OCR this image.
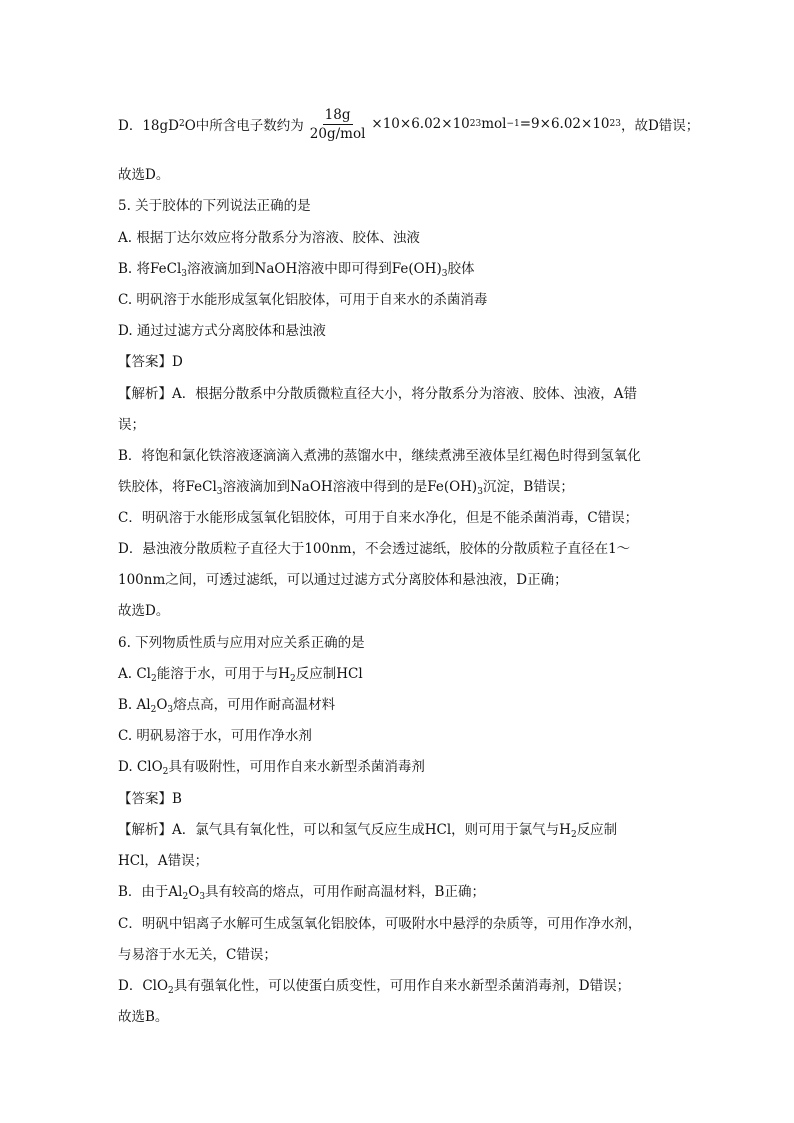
D．18gD 2 O中所含电子数约为 $\frac{18g}{\text{20g/mol}} \times 10\times 6.02\times 10$ 23 mol −1 =9×6.02×10 23 ，故D错误；
故选D。
5. 关于胶体的下列说法正确的是
A. 根据丁达尔效应将分散系分为溶液、胶体、浊液
B. 将FeCl$_3$溶液滴加到NaOH溶液中即可得到$Fe(OH)_3$胶体
C. 明矾溶于水能形成氢氧化铝胶体，可用于自来水的杀菌消毒
D. 通过过滤方式分离胶体和悬浊液
【答案】D
【解析】A．根据分散系中分散质微粒直径大小，将分散系分为溶液、胶体、浊液，A错
误；
B．将饱和氯化铁溶液逐滴滴入煮沸的蒸馏水中，继续煮沸至液体呈红褐色时得到氢氧化
铁胶体，将FeCl$_3$溶液滴加到NaOH溶液中得到的是$Fe(OH)_3$沉淀，B错误；
C．明矾溶于水能形成氢氧化铝胶体，可用于自来水净化，但是不能杀菌消毒，C错误；
D．悬浊液分散质粒子直径大于100nm，不会透过滤纸，胶体的分散质粒子直径在1～
100nm之间，可透过滤纸，可以通过过滤方式分离胶体和悬浊液，D正确；
故选D。
6. 下列物质性质与应用对应关系正确的是
A. $Cl_2$能溶于水，可用于与$H_2$反应制HCl
B. $Al_2O_3$熔点高，可用作耐高温材料
C. 明矾易溶于水，可用作净水剂
D. ClO$_2$具有吸附性，可用作自来水新型杀菌消毒剂
【答案】B
【解析】A．氯气具有氧化性，可以和氢气反应生成HCl，则可用于氯气与$H_2$反应制
HCl，A错误；
B．由于$Al_2O_3$具有较高的熔点，可用作耐高温材料，B正确；
C．明矾中铝离子水解可生成氢氧化铝胶体，可吸附水中悬浮的杂质等，可用作净水剂，
与易溶于水无关，C错误；
D．ClO$_2$具有强氧化性，可以使蛋白质变性，可用作自来水新型杀菌消毒剂，D错误；
故选B。
